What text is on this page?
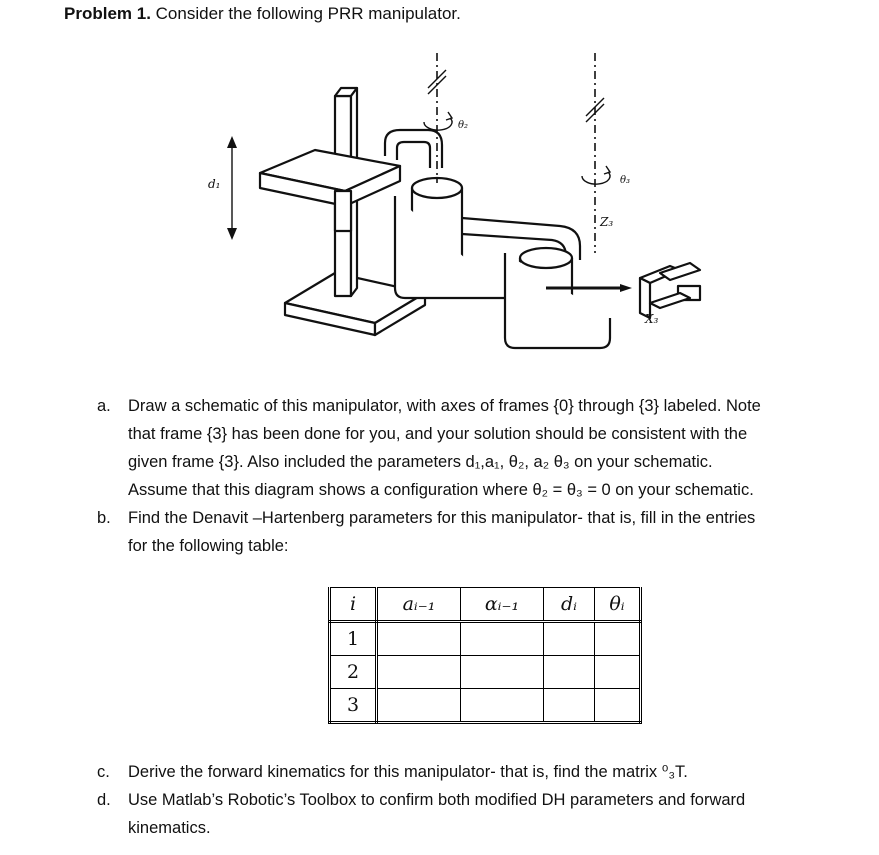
Problem 1. Consider the following PRR manipulator.
d₁
θ₂
θ₃
Z₃
X₃
a.	Draw a schematic of this manipulator, with axes of frames {0} through {3} labeled. Note
that frame {3} has been done for you, and your solution should be consistent with the
given frame {3}. Also included the parameters d₁,a₁, θ₂, a₂ θ₃ on your schematic.
Assume that this diagram shows a configuration where θ₂ = θ₃ = 0 on your schematic.
b.	Find the Denavit –Hartenberg parameters for this manipulator- that is, fill in the entries
for the following table:
i	aᵢ₋₁	αᵢ₋₁	dᵢ	θᵢ
1				
2				
3				
c.	Derive the forward kinematics for this manipulator- that is, find the matrix ⁰₃T.
d.	Use Matlab’s Robotic’s Toolbox to confirm both modified DH parameters and forward
kinematics.
